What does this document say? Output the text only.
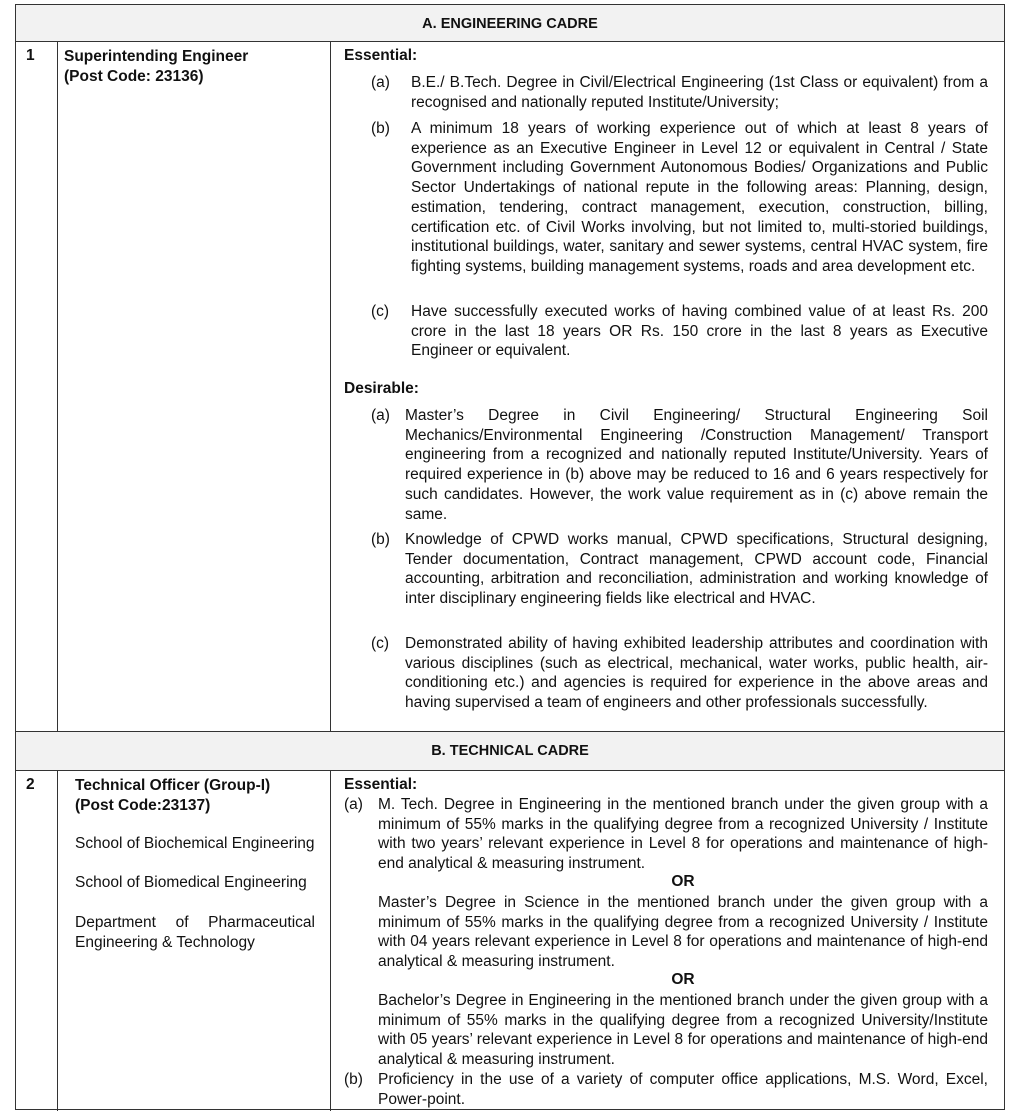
A. ENGINEERING CADRE
B. TECHNICAL CADRE
1 Superintending Engineer
(Post Code: 23136)
Essential:
(a) B.E./ B.Tech. Degree in Civil/Electrical Engineering (1st Class or equivalent) from a recognised and nationally reputed Institute/University;
(b) A minimum 18 years of working experience out of which at least 8 years of experience as an Executive Engineer in Level 12 or equivalent in Central / State Government including Government Autonomous Bodies/ Organizations and Public Sector Undertakings of national repute in the following areas: Planning, design, estimation, tendering, contract management, execution, construction, billing, certification etc. of Civil Works involving, but not limited to, multi-storied buildings, institutional buildings, water, sanitary and sewer systems, central HVAC system, fire fighting systems, building management systems, roads and area development etc.
(c) Have successfully executed works of having combined value of at least Rs. 200 crore in the last 18 years OR Rs. 150 crore in the last 8 years as Executive Engineer or equivalent.
Desirable:
(a) Master’s Degree in Civil Engineering/ Structural Engineering Soil Mechanics/Environmental Engineering /Construction Management/ Transport engineering from a recognized and nationally reputed Institute/University. Years of required experience in (b) above may be reduced to 16 and 6 years respectively for such candidates. However, the work value requirement as in (c) above remain the same.
(b) Knowledge of CPWD works manual, CPWD specifications, Structural designing, Tender documentation, Contract management, CPWD account code, Financial accounting, arbitration and reconciliation, administration and working knowledge of inter disciplinary engineering fields like electrical and HVAC.
(c) Demonstrated ability of having exhibited leadership attributes and coordination with various disciplines (such as electrical, mechanical, water works, public health, air-conditioning etc.) and agencies is required for experience in the above areas and having supervised a team of engineers and other professionals successfully.
2	Technical Officer (Group-I)
(Post Code:23137)
School of Biochemical Engineering
School of Biomedical Engineering
Department of Pharmaceutical Engineering & Technology
Essential:
(a) M. Tech. Degree in Engineering in the mentioned branch under the given group with a minimum of 55% marks in the qualifying degree from a recognized University / Institute with two years’ relevant experience in Level 8 for operations and maintenance of high-end analytical & measuring instrument.
OR
Master’s Degree in Science in the mentioned branch under the given group with a minimum of 55% marks in the qualifying degree from a recognized University / Institute with 04 years relevant experience in Level 8 for operations and maintenance of high-end analytical & measuring instrument.
OR
Bachelor’s Degree in Engineering in the mentioned branch under the given group with a minimum of 55% marks in the qualifying degree from a recognized University/Institute with 05 years’ relevant experience in Level 8 for operations and maintenance of high-end analytical & measuring instrument.
(b) Proficiency in the use of a variety of computer office applications, M.S. Word, Excel, Power-point.
